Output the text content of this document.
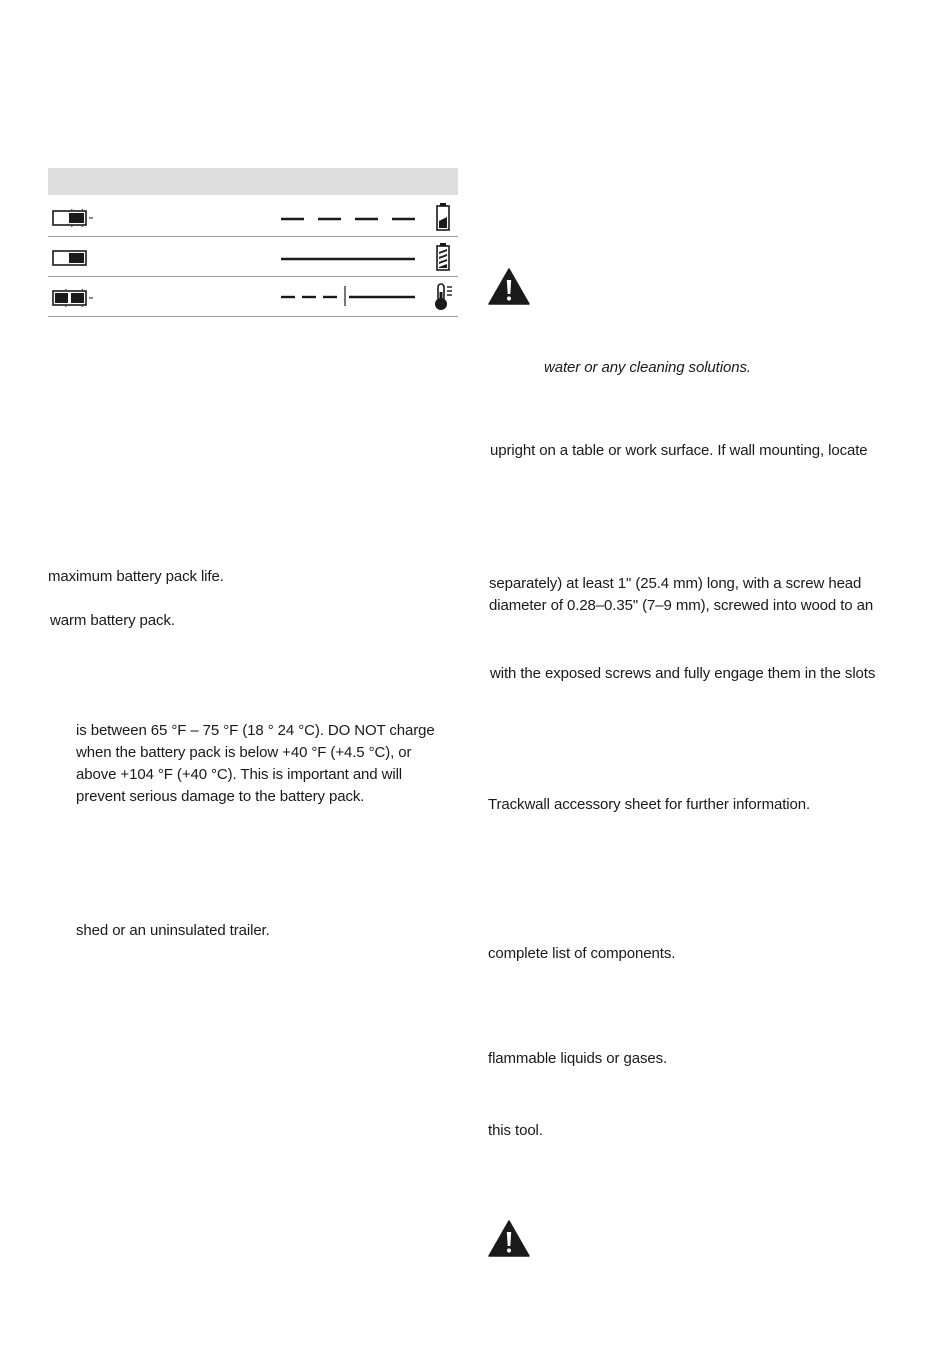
maximum battery pack life.
warm battery pack.
is between 65 °F – 75 °F (18 ° 24 °C). DO NOT charge
when the battery pack is below +40 °F (+4.5 °C), or
above +104 °F (+40 °C). This is important and will
prevent serious damage to the battery pack.
shed or an uninsulated trailer.
water or any cleaning solutions.
upright on a table or work surface. If wall mounting, locate
separately) at least 1" (25.4 mm) long, with a screw head
diameter of 0.28–0.35" (7–9 mm), screwed into wood to an
with the exposed screws and fully engage them in the slots
Trackwall accessory sheet for further information.
complete list of components.
flammable liquids or gases.
this tool.
